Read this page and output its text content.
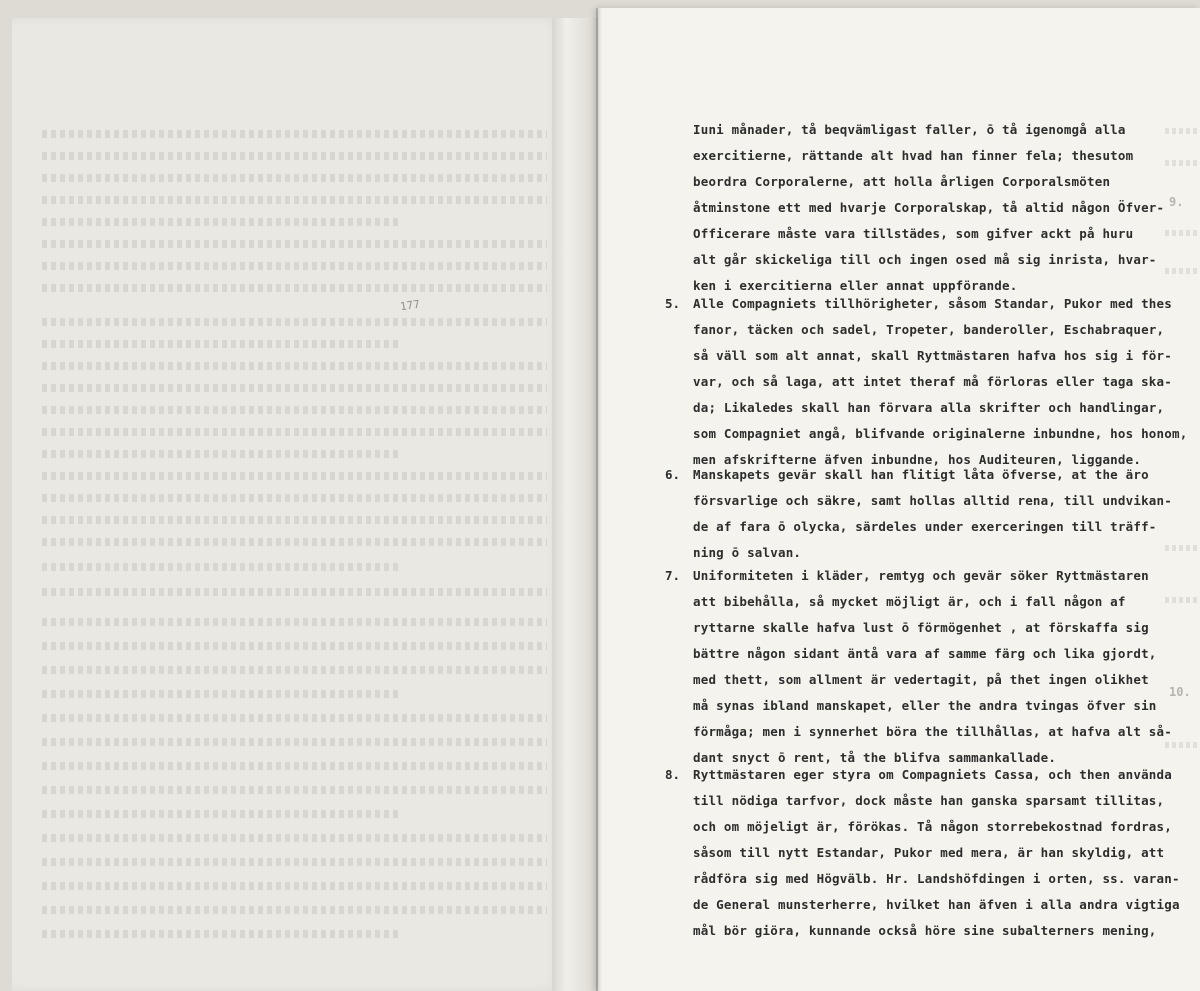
177
9.
10.
Iuni månader, tå beqvämligast faller, ō tå igenomgå alla
exercitierne, rättande alt hvad han finner fela; thesutom
beordra Corporalerne, att holla årligen Corporalsmöten
åtminstone ett med hvarje Corporalskap, tå altid någon Öfver-
Officerare måste vara tillstädes, som gifver ackt på huru
alt går skickeliga till och ingen osed må sig inrista, hvar-
ken i exercitierna eller annat uppförande.
5. Alle Compagniets tillhörigheter, såsom Standar, Pukor med thes
fanor, täcken och sadel, Tropeter, banderoller, Eschabraquer,
så väll som alt annat, skall Ryttmästaren hafva hos sig i för-
var, och så laga, att intet theraf må förloras eller taga ska-
da; Likaledes skall han förvara alla skrifter och handlingar,
som Compagniet angå, blifvande originalerne inbundne, hos honom,
men afskrifterne äfven inbundne, hos Auditeuren, liggande.
6. Manskapets gevär skall han flitigt låta öfverse, at the äro
försvarlige och säkre, samt hollas alltid rena, till undvikan-
de af fara ō olycka, särdeles under exerceringen till träff-
ning ō salvan.
7. Uniformiteten i kläder, remtyg och gevär söker Ryttmästaren
att bibehålla, så mycket möjligt är, och i fall någon af
ryttarne skalle hafva lust ō förmögenhet , at förskaffa sig
bättre någon sidant äntå vara af samme färg och lika gjordt,
med thett, som allment är vedertagit, på thet ingen olikhet
må synas ibland manskapet, eller the andra tvingas öfver sin
förmåga; men i synnerhet böra the tillhållas, at hafva alt så-
dant snyct ō rent, tå the blifva sammankallade.
8. Ryttmästaren eger styra om Compagniets Cassa, och then använda
till nödiga tarfvor, dock måste han ganska sparsamt tillitas,
och om möjeligt är, förökas. Tå någon storrebekostnad fordras,
såsom till nytt Estandar, Pukor med mera, är han skyldig, att
rådföra sig med Högvälb. Hr. Landshöfdingen i orten, ss. varan-
de General munsterherre, hvilket han äfven i alla andra vigtiga
mål bör giöra, kunnande också höre sine subalterners mening,
